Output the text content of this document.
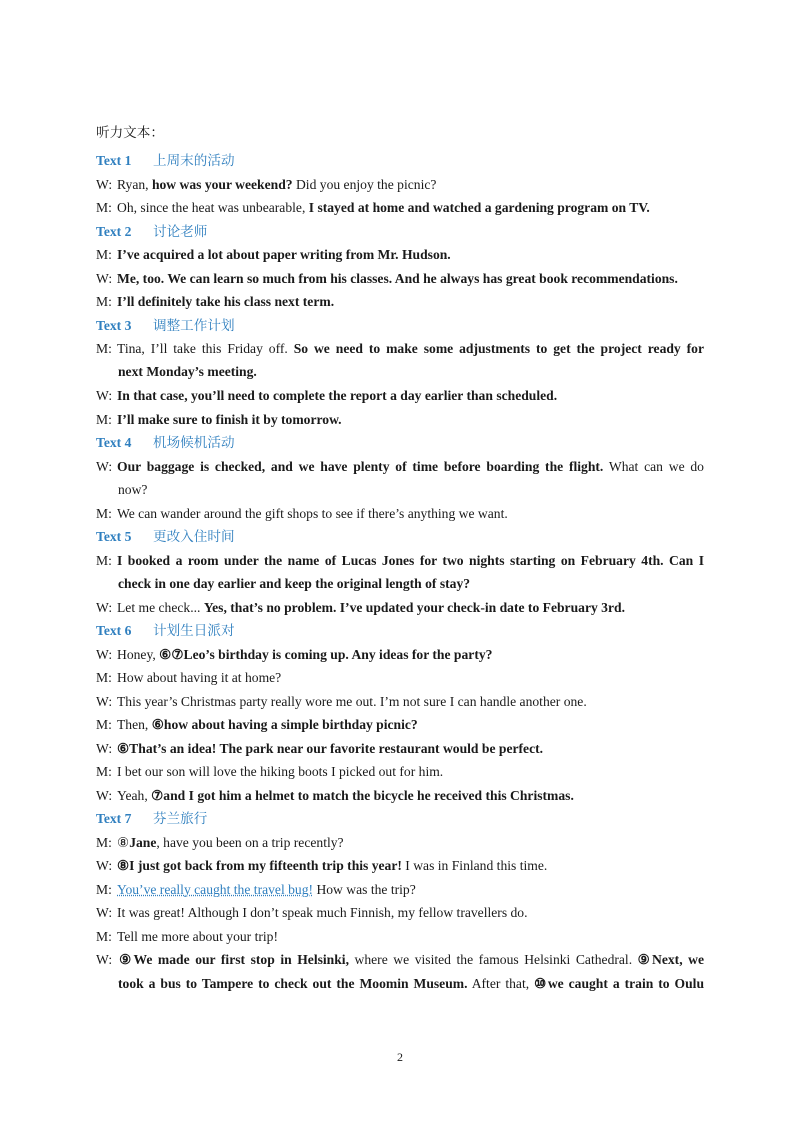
听力文本：
Text 1 上周末的活动
W: Ryan, how was your weekend? Did you enjoy the picnic?
M: Oh, since the heat was unbearable, I stayed at home and watched a gardening program on TV.
Text 2 讨论老师
M: I’ve acquired a lot about paper writing from Mr. Hudson.
W: Me, too. We can learn so much from his classes. And he always has great book recommendations.
M: I’ll definitely take his class next term.
Text 3 调整工作计划
M: Tina, I’ll take this Friday off. So we need to make some adjustments to get the project ready for
next Monday’s meeting.
W: In that case, you’ll need to complete the report a day earlier than scheduled.
M: I’ll make sure to finish it by tomorrow.
Text 4 机场候机活动
W: Our baggage is checked, and we have plenty of time before boarding the flight. What can we do
now?
M: We can wander around the gift shops to see if there’s anything we want.
Text 5 更改入住时间
M: I booked a room under the name of Lucas Jones for two nights starting on February 4th. Can I
check in one day earlier and keep the original length of stay?
W: Let me check... Yes, that’s no problem. I’ve updated your check-in date to February 3rd.
Text 6 计划生日派对
W: Honey, ⑥⑦Leo’s birthday is coming up. Any ideas for the party?
M: How about having it at home?
W: This year’s Christmas party really wore me out. I’m not sure I can handle another one.
M: Then, ⑥how about having a simple birthday picnic?
W: ⑥That’s an idea! The park near our favorite restaurant would be perfect.
M: I bet our son will love the hiking boots I picked out for him.
W: Yeah, ⑦and I got him a helmet to match the bicycle he received this Christmas.
Text 7 芬兰旅行
M: ⑧Jane, have you been on a trip recently?
W: ⑧I just got back from my fifteenth trip this year! I was in Finland this time.
M: You’ve really caught the travel bug! How was the trip?
W: It was great! Although I don’t speak much Finnish, my fellow travellers do.
M: Tell me more about your trip!
W: ⑨We made our first stop in Helsinki, where we visited the famous Helsinki Cathedral. ⑨Next, we
took a bus to Tampere to check out the Moomin Museum. After that, ⑩we caught a train to Oulu
2
